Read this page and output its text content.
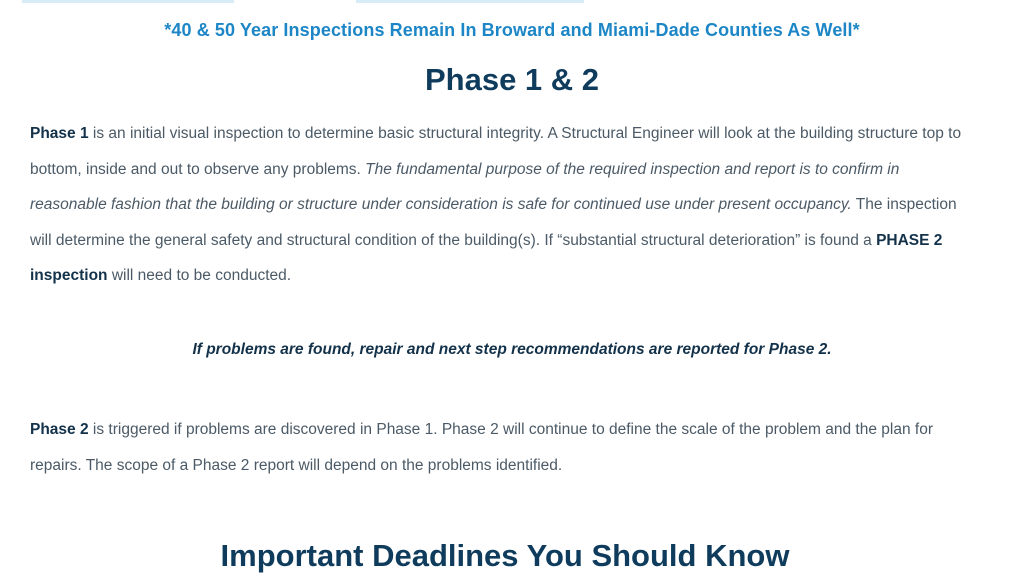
*40 & 50 Year Inspections Remain In Broward and Miami-Dade Counties As Well*
Phase 1 & 2

Phase 1 is an initial visual inspection to determine basic structural integrity. A Structural Engineer will look at the building structure top to bottom, inside and out to observe any problems. The fundamental purpose of the required inspection and report is to confirm in reasonable fashion that the building or structure under consideration is safe for continued use under present occupancy. The inspection will determine the general safety and structural condition of the building(s). If “substantial structural deterioration” is found a PHASE 2 inspection will need to be conducted.

If problems are found, repair and next step recommendations are reported for Phase 2.

Phase 2 is triggered if problems are discovered in Phase 1. Phase 2 will continue to define the scale of the problem and the plan for repairs. The scope of a Phase 2 report will depend on the problems identified.

Important Deadlines You Should Know
